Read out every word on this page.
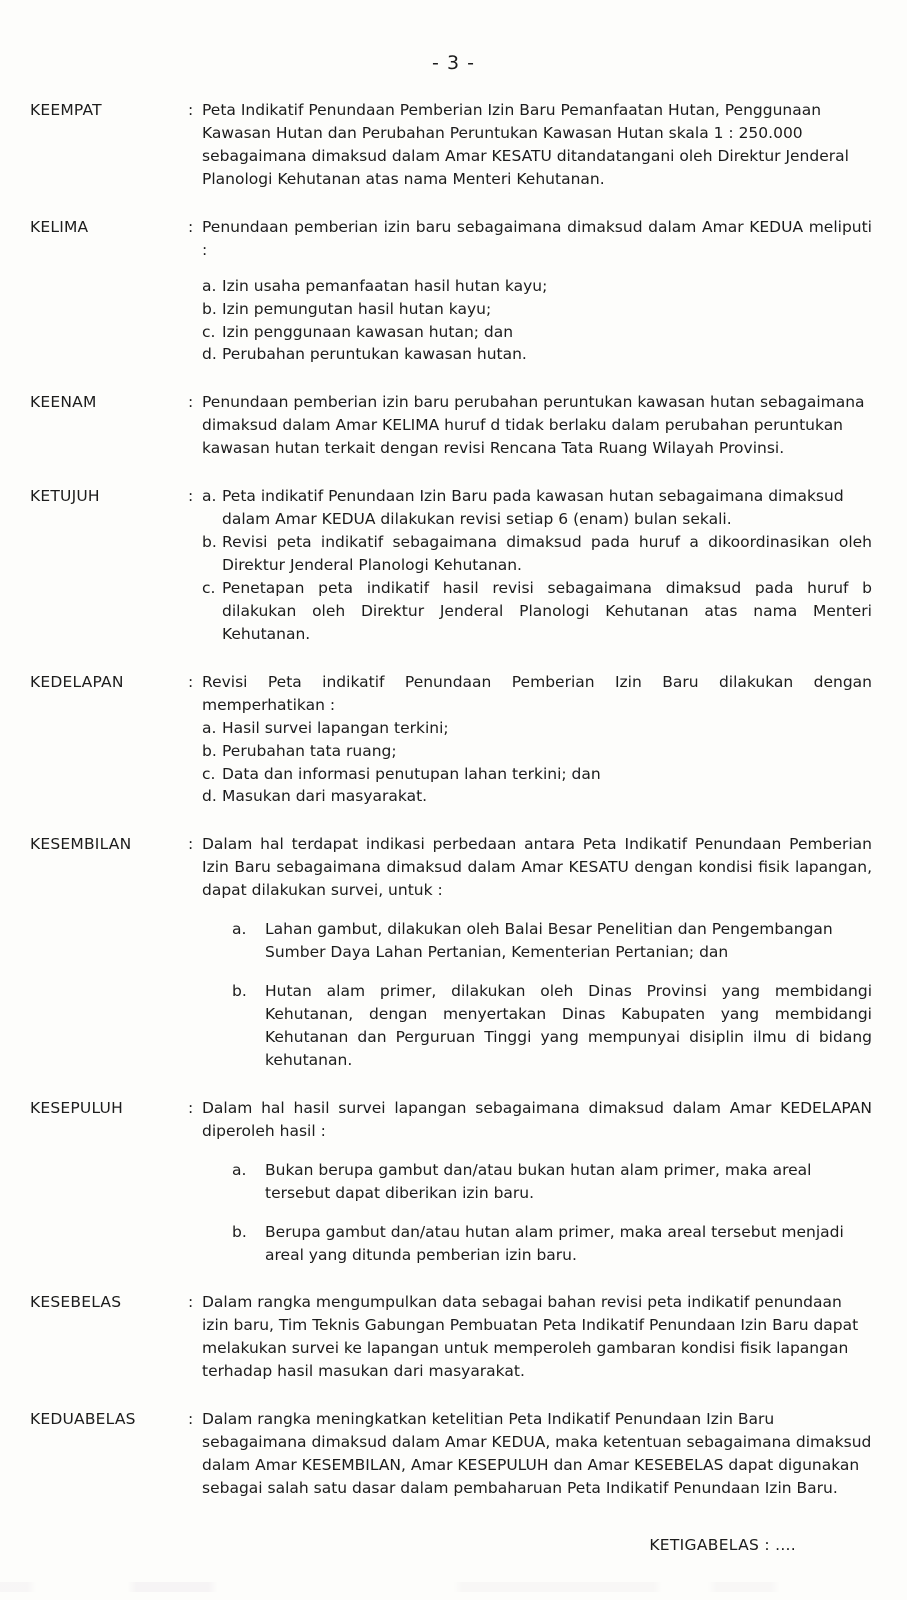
- 3 -
KEEMPAT	: Peta Indikatif Penundaan Pemberian Izin Baru Pemanfaatan Hutan, Penggunaan Kawasan Hutan dan Perubahan Peruntukan Kawasan Hutan skala 1 : 250.000 sebagaimana dimaksud dalam Amar KESATU ditandatangani oleh Direktur Jenderal Planologi Kehutanan atas nama Menteri Kehutanan.

KELIMA	: Penundaan pemberian izin baru sebagaimana dimaksud dalam Amar KEDUA meliputi :

a. Izin usaha pemanfaatan hasil hutan kayu;
b. Izin pemungutan hasil hutan kayu;
c. Izin penggunaan kawasan hutan; dan
d. Perubahan peruntukan kawasan hutan.
KEENAM	: Penundaan pemberian izin baru perubahan peruntukan kawasan hutan sebagaimana dimaksud dalam Amar KELIMA huruf d tidak berlaku dalam perubahan peruntukan kawasan hutan terkait dengan revisi Rencana Tata Ruang Wilayah Provinsi.

KETUJUH	: a. Peta indikatif Penundaan Izin Baru pada kawasan hutan sebagaimana dimaksud dalam Amar KEDUA dilakukan revisi setiap 6 (enam) bulan sekali.
b. Revisi peta indikatif sebagaimana dimaksud pada huruf a dikoordinasikan oleh Direktur Jenderal Planologi Kehutanan.
c. Penetapan peta indikatif hasil revisi sebagaimana dimaksud pada huruf b dilakukan oleh Direktur Jenderal Planologi Kehutanan atas nama Menteri Kehutanan.
KEDELAPAN	: Revisi Peta indikatif Penundaan Pemberian Izin Baru dilakukan dengan memperhatikan :

a. Hasil survei lapangan terkini;
b. Perubahan tata ruang;
c. Data dan informasi penutupan lahan terkini; dan
d. Masukan dari masyarakat.
KESEMBILAN	: Dalam hal terdapat indikasi perbedaan antara Peta Indikatif Penundaan Pemberian Izin Baru sebagaimana dimaksud dalam Amar KESATU dengan kondisi fisik lapangan, dapat dilakukan survei, untuk :

a.	Lahan gambut, dilakukan oleh Balai Besar Penelitian dan Pengembangan Sumber Daya Lahan Pertanian, Kementerian Pertanian; dan
b.	Hutan alam primer, dilakukan oleh Dinas Provinsi yang membidangi Kehutanan, dengan menyertakan Dinas Kabupaten yang membidangi Kehutanan dan Perguruan Tinggi yang mempunyai disiplin ilmu di bidang kehutanan.
KESEPULUH	: Dalam hal hasil survei lapangan sebagaimana dimaksud dalam Amar KEDELAPAN diperoleh hasil :

a.	Bukan berupa gambut dan/atau bukan hutan alam primer, maka areal tersebut dapat diberikan izin baru.
b.	Berupa gambut dan/atau hutan alam primer, maka areal tersebut menjadi areal yang ditunda pemberian izin baru.
KESEBELAS	: Dalam rangka mengumpulkan data sebagai bahan revisi peta indikatif penundaan izin baru, Tim Teknis Gabungan Pembuatan Peta Indikatif Penundaan Izin Baru dapat melakukan survei ke lapangan untuk memperoleh gambaran kondisi fisik lapangan terhadap hasil masukan dari masyarakat.

KEDUABELAS	: Dalam rangka meningkatkan ketelitian Peta Indikatif Penundaan Izin Baru sebagaimana dimaksud dalam Amar KEDUA, maka ketentuan sebagaimana dimaksud dalam Amar KESEMBILAN, Amar KESEPULUH dan Amar KESEBELAS dapat digunakan sebagai salah satu dasar dalam pembaharuan Peta Indikatif Penundaan Izin Baru.

KETIGABELAS : ....
